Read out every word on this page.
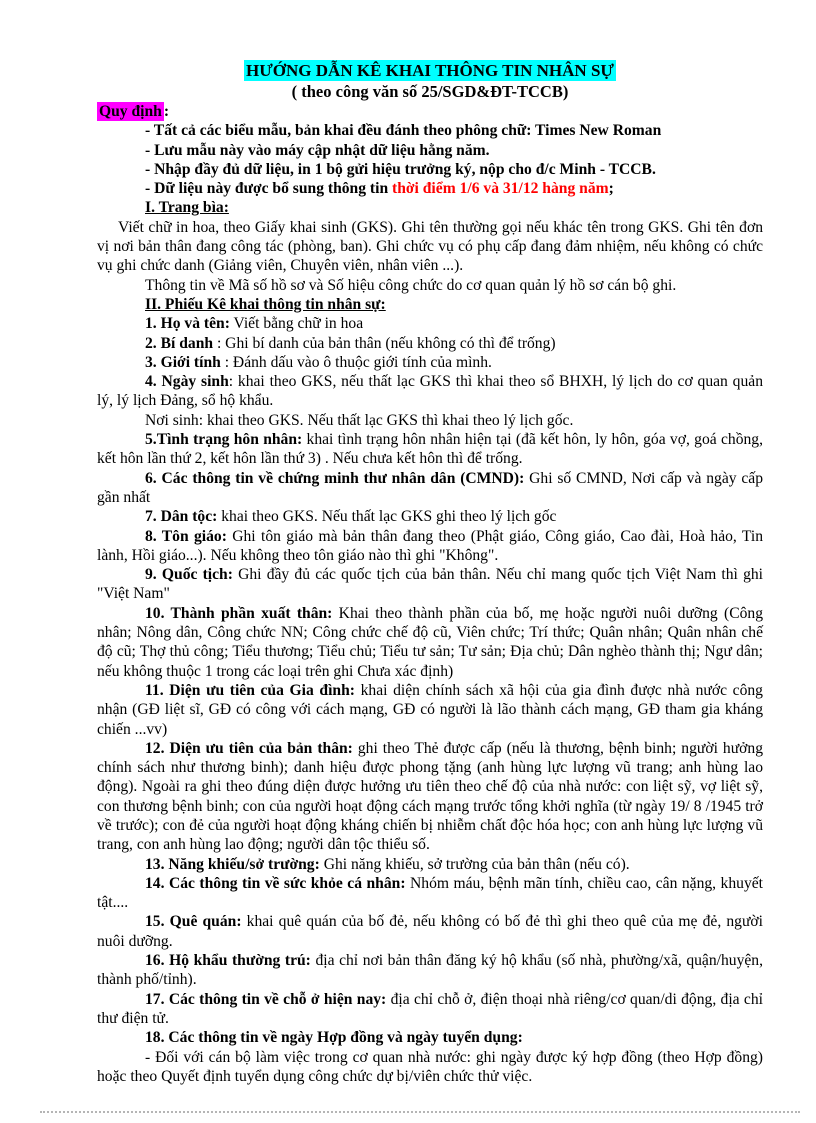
HƯỚNG DẪN KÊ KHAI THÔNG TIN NHÂN SỰ

( theo công văn số 25/SGD&ĐT-TCCB)

Quy định :

- Tất cả các biểu mẫu, bản khai đều đánh theo phông chữ: Times New Roman

- Lưu mẫu này vào máy cập nhật dữ liệu hằng năm.

- Nhập đầy đủ dữ liệu, in 1 bộ gửi hiệu trưởng ký, nộp cho đ/c Minh - TCCB.

- Dữ liệu này được bổ sung thông tin thời điểm 1/6 và 31/12 hàng năm;

I. Trang bìa:

Viết chữ in hoa, theo Giấy khai sinh (GKS). Ghi tên thường gọi nếu khác tên trong GKS. Ghi tên đơn vị nơi bản thân đang công tác (phòng, ban). Ghi chức vụ có phụ cấp đang đảm nhiệm, nếu không có chức vụ ghi chức danh (Giảng viên, Chuyên viên, nhân viên ...).

Thông tin về Mã số hồ sơ và Số hiệu công chức do cơ quan quản lý hồ sơ cán bộ ghi.

II. Phiếu Kê khai thông tin nhân sự:

1. Họ và tên: Viết bằng chữ in hoa

2. Bí danh : Ghi bí danh của bản thân (nếu không có thì để trống)

3. Giới tính : Đánh dấu vào ô thuộc giới tính của mình.

4. Ngày sinh: khai theo GKS, nếu thất lạc GKS thì khai theo sổ BHXH, lý lịch do cơ quan quản lý, lý lịch Đảng, sổ hộ khẩu.

Nơi sinh: khai theo GKS. Nếu thất lạc GKS thì khai theo lý lịch gốc.

5.Tình trạng hôn nhân: khai tình trạng hôn nhân hiện tại (đã kết hôn, ly hôn, góa vợ, goá chồng, kết hôn lần thứ 2, kết hôn lần thứ 3) . Nếu chưa kết hôn thì để trống.

6. Các thông tin về chứng minh thư nhân dân (CMND): Ghi số CMND, Nơi cấp và ngày cấp gần nhất

7. Dân tộc: khai theo GKS. Nếu thất lạc GKS ghi theo lý lịch gốc

8. Tôn giáo: Ghi tôn giáo mà bản thân đang theo (Phật giáo, Công giáo, Cao đài, Hoà hảo, Tin lành, Hồi giáo...). Nếu không theo tôn giáo nào thì ghi "Không".

9. Quốc tịch: Ghi đầy đủ các quốc tịch của bản thân. Nếu chỉ mang quốc tịch Việt Nam thì ghi "Việt Nam"

10. Thành phần xuất thân: Khai theo thành phần của bố, mẹ hoặc người nuôi dưỡng (Công nhân; Nông dân, Công chức NN; Công chức chế độ cũ, Viên chức; Trí thức; Quân nhân; Quân nhân chế độ cũ; Thợ thủ công; Tiểu thương; Tiểu chủ; Tiểu tư sản; Tư sản; Địa chủ; Dân nghèo thành thị; Ngư dân; nếu không thuộc 1 trong các loại trên ghi Chưa xác định)

11. Diện ưu tiên của Gia đình: khai diện chính sách xã hội của gia đình được nhà nước công nhận (GĐ liệt sĩ, GĐ có công với cách mạng, GĐ có người là lão thành cách mạng, GĐ tham gia kháng chiến ...vv)

12. Diện ưu tiên của bản thân: ghi theo Thẻ được cấp (nếu là thương, bệnh binh; người hưởng chính sách như thương binh); danh hiệu được phong tặng (anh hùng lực lượng vũ trang; anh hùng lao động). Ngoài ra ghi theo đúng diện được hưởng ưu tiên theo chế độ của nhà nước: con liệt sỹ, vợ liệt sỹ, con thương bệnh binh; con của người hoạt động cách mạng trước tổng khởi nghĩa (từ ngày 19/ 8 /1945 trở về trước); con đẻ của người hoạt động kháng chiến bị nhiễm chất độc hóa học; con anh hùng lực lượng vũ trang, con anh hùng lao động; người dân tộc thiểu số.

13. Năng khiếu/sở trường: Ghi năng khiếu, sở trường của bản thân (nếu có).

14. Các thông tin về sức khỏe cá nhân: Nhóm máu, bệnh mãn tính, chiều cao, cân nặng, khuyết tật....

15. Quê quán: khai quê quán của bố đẻ, nếu không có bố đẻ thì ghi theo quê của mẹ đẻ, người nuôi dưỡng.

16. Hộ khẩu thường trú: địa chỉ nơi bản thân đăng ký hộ khẩu (số nhà, phường/xã, quận/huyện, thành phố/tỉnh).

17. Các thông tin về chỗ ở hiện nay: địa chỉ chỗ ở, điện thoại nhà riêng/cơ quan/di động, địa chỉ thư điện tử.

18. Các thông tin về ngày Hợp đồng và ngày tuyển dụng:

- Đối với cán bộ làm việc trong cơ quan nhà nước: ghi ngày được ký hợp đồng (theo Hợp đồng) hoặc theo Quyết định tuyển dụng công chức dự bị/viên chức thử việc.
